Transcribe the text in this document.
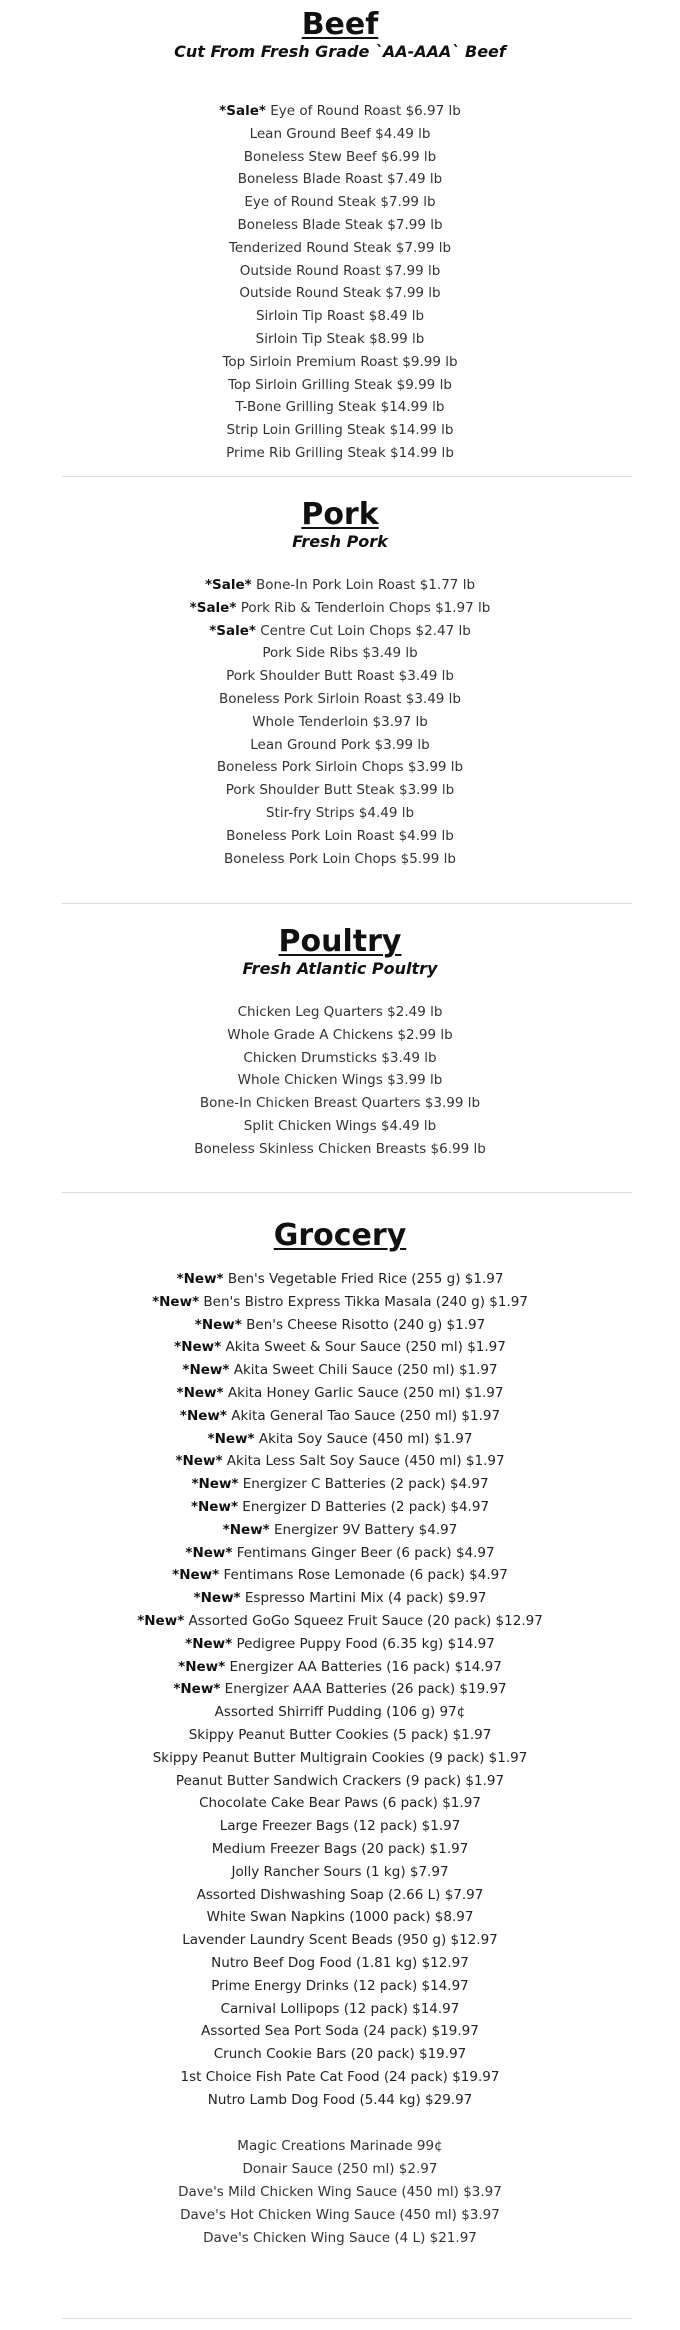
Beef
Cut From Fresh Grade `AA-AAA` Beef
*Sale* Eye of Round Roast $6.97 lb
Lean Ground Beef $4.49 lb
Boneless Stew Beef $6.99 lb
Boneless Blade Roast $7.49 lb
Eye of Round Steak $7.99 lb
Boneless Blade Steak $7.99 lb
Tenderized Round Steak $7.99 lb
Outside Round Roast $7.99 lb
Outside Round Steak $7.99 lb
Sirloin Tip Roast $8.49 lb
Sirloin Tip Steak $8.99 lb
Top Sirloin Premium Roast $9.99 lb
Top Sirloin Grilling Steak $9.99 lb
T-Bone Grilling Steak $14.99 lb
Strip Loin Grilling Steak $14.99 lb
Prime Rib Grilling Steak $14.99 lb
Pork
Fresh Pork
*Sale* Bone-In Pork Loin Roast $1.77 lb
*Sale* Pork Rib & Tenderloin Chops $1.97 lb
*Sale* Centre Cut Loin Chops $2.47 lb
Pork Side Ribs $3.49 lb
Pork Shoulder Butt Roast $3.49 lb
Boneless Pork Sirloin Roast $3.49 lb
Whole Tenderloin $3.97 lb
Lean Ground Pork $3.99 lb
Boneless Pork Sirloin Chops $3.99 lb
Pork Shoulder Butt Steak $3.99 lb
Stir-fry Strips $4.49 lb
Boneless Pork Loin Roast $4.99 lb
Boneless Pork Loin Chops $5.99 lb
Poultry
Fresh Atlantic Poultry
Chicken Leg Quarters $2.49 lb
Whole Grade A Chickens $2.99 lb
Chicken Drumsticks $3.49 lb
Whole Chicken Wings $3.99 lb
Bone-In Chicken Breast Quarters $3.99 lb
Split Chicken Wings $4.49 lb
Boneless Skinless Chicken Breasts $6.99 lb
Grocery
*New* Ben's Vegetable Fried Rice (255 g) $1.97
*New* Ben's Bistro Express Tikka Masala (240 g) $1.97
*New* Ben's Cheese Risotto (240 g) $1.97
*New* Akita Sweet & Sour Sauce (250 ml) $1.97
*New* Akita Sweet Chili Sauce (250 ml) $1.97
*New* Akita Honey Garlic Sauce (250 ml) $1.97
*New* Akita General Tao Sauce (250 ml) $1.97
*New* Akita Soy Sauce (450 ml) $1.97
*New* Akita Less Salt Soy Sauce (450 ml) $1.97
*New* Energizer C Batteries (2 pack) $4.97
*New* Energizer D Batteries (2 pack) $4.97
*New* Energizer 9V Battery $4.97
*New* Fentimans Ginger Beer (6 pack) $4.97
*New* Fentimans Rose Lemonade (6 pack) $4.97
*New* Espresso Martini Mix (4 pack) $9.97
*New* Assorted GoGo Squeez Fruit Sauce (20 pack) $12.97
*New* Pedigree Puppy Food (6.35 kg) $14.97
*New* Energizer AA Batteries (16 pack) $14.97
*New* Energizer AAA Batteries (26 pack) $19.97
Assorted Shirriff Pudding (106 g) 97¢
Skippy Peanut Butter Cookies (5 pack) $1.97
Skippy Peanut Butter Multigrain Cookies (9 pack) $1.97
Peanut Butter Sandwich Crackers (9 pack) $1.97
Chocolate Cake Bear Paws (6 pack) $1.97
Large Freezer Bags (12 pack) $1.97
Medium Freezer Bags (20 pack) $1.97
Jolly Rancher Sours (1 kg) $7.97
Assorted Dishwashing Soap (2.66 L) $7.97
White Swan Napkins (1000 pack) $8.97
Lavender Laundry Scent Beads (950 g) $12.97
Nutro Beef Dog Food (1.81 kg) $12.97
Prime Energy Drinks (12 pack) $14.97
Carnival Lollipops (12 pack) $14.97
Assorted Sea Port Soda (24 pack) $19.97
Crunch Cookie Bars (20 pack) $19.97
1st Choice Fish Pate Cat Food (24 pack) $19.97
Nutro Lamb Dog Food (5.44 kg) $29.97
Magic Creations Marinade 99¢
Donair Sauce (250 ml) $2.97
Dave's Mild Chicken Wing Sauce (450 ml) $3.97
Dave's Hot Chicken Wing Sauce (450 ml) $3.97
Dave's Chicken Wing Sauce (4 L) $21.97
